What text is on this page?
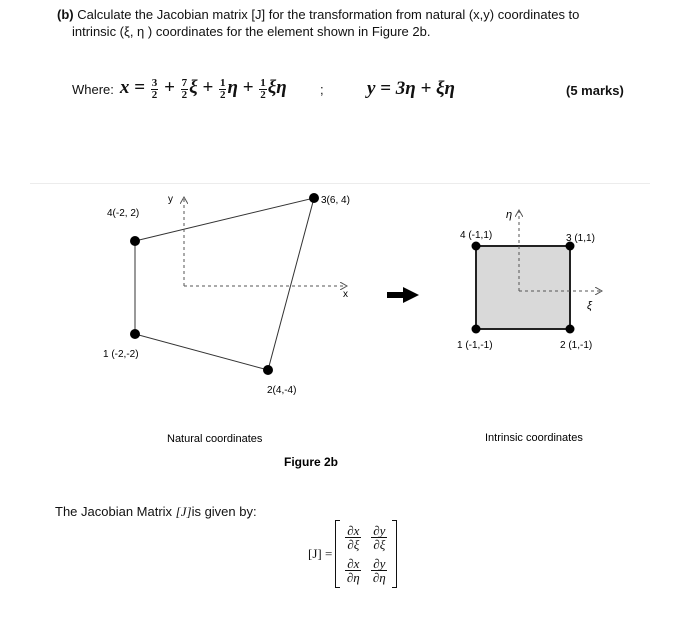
(b) Calculate the Jacobian matrix [J] for the transformation from natural (x,y) coordinates to
intrinsic (ξ, η ) coordinates for the element shown in Figure 2b.
Where: $x = \frac{3}{2} + \frac{7}{2}$ $\xi + \frac{1}{2}$ $\eta + \frac{1}{2}$ ξη	; y = 3η + ξη	(5 marks)
y
x
4(-2, 2)
3(6, 4)
2(4,-4)
1 (-2,-2)
η
ξ
4 (-1,1)	3 (1,1)
2 (1,-1)
1 (-1,-1)
Natural coordinates	Intrinsic coordinates
Figure 2b
The Jacobian Matrix [J]is given by:
$[J] = \frac{\partial x}{\partial\xi} \frac{\partial y}{\partial\xi}$
$\frac{\partial x}{\partial\eta} \frac{\partial y}{\partial\eta}$
